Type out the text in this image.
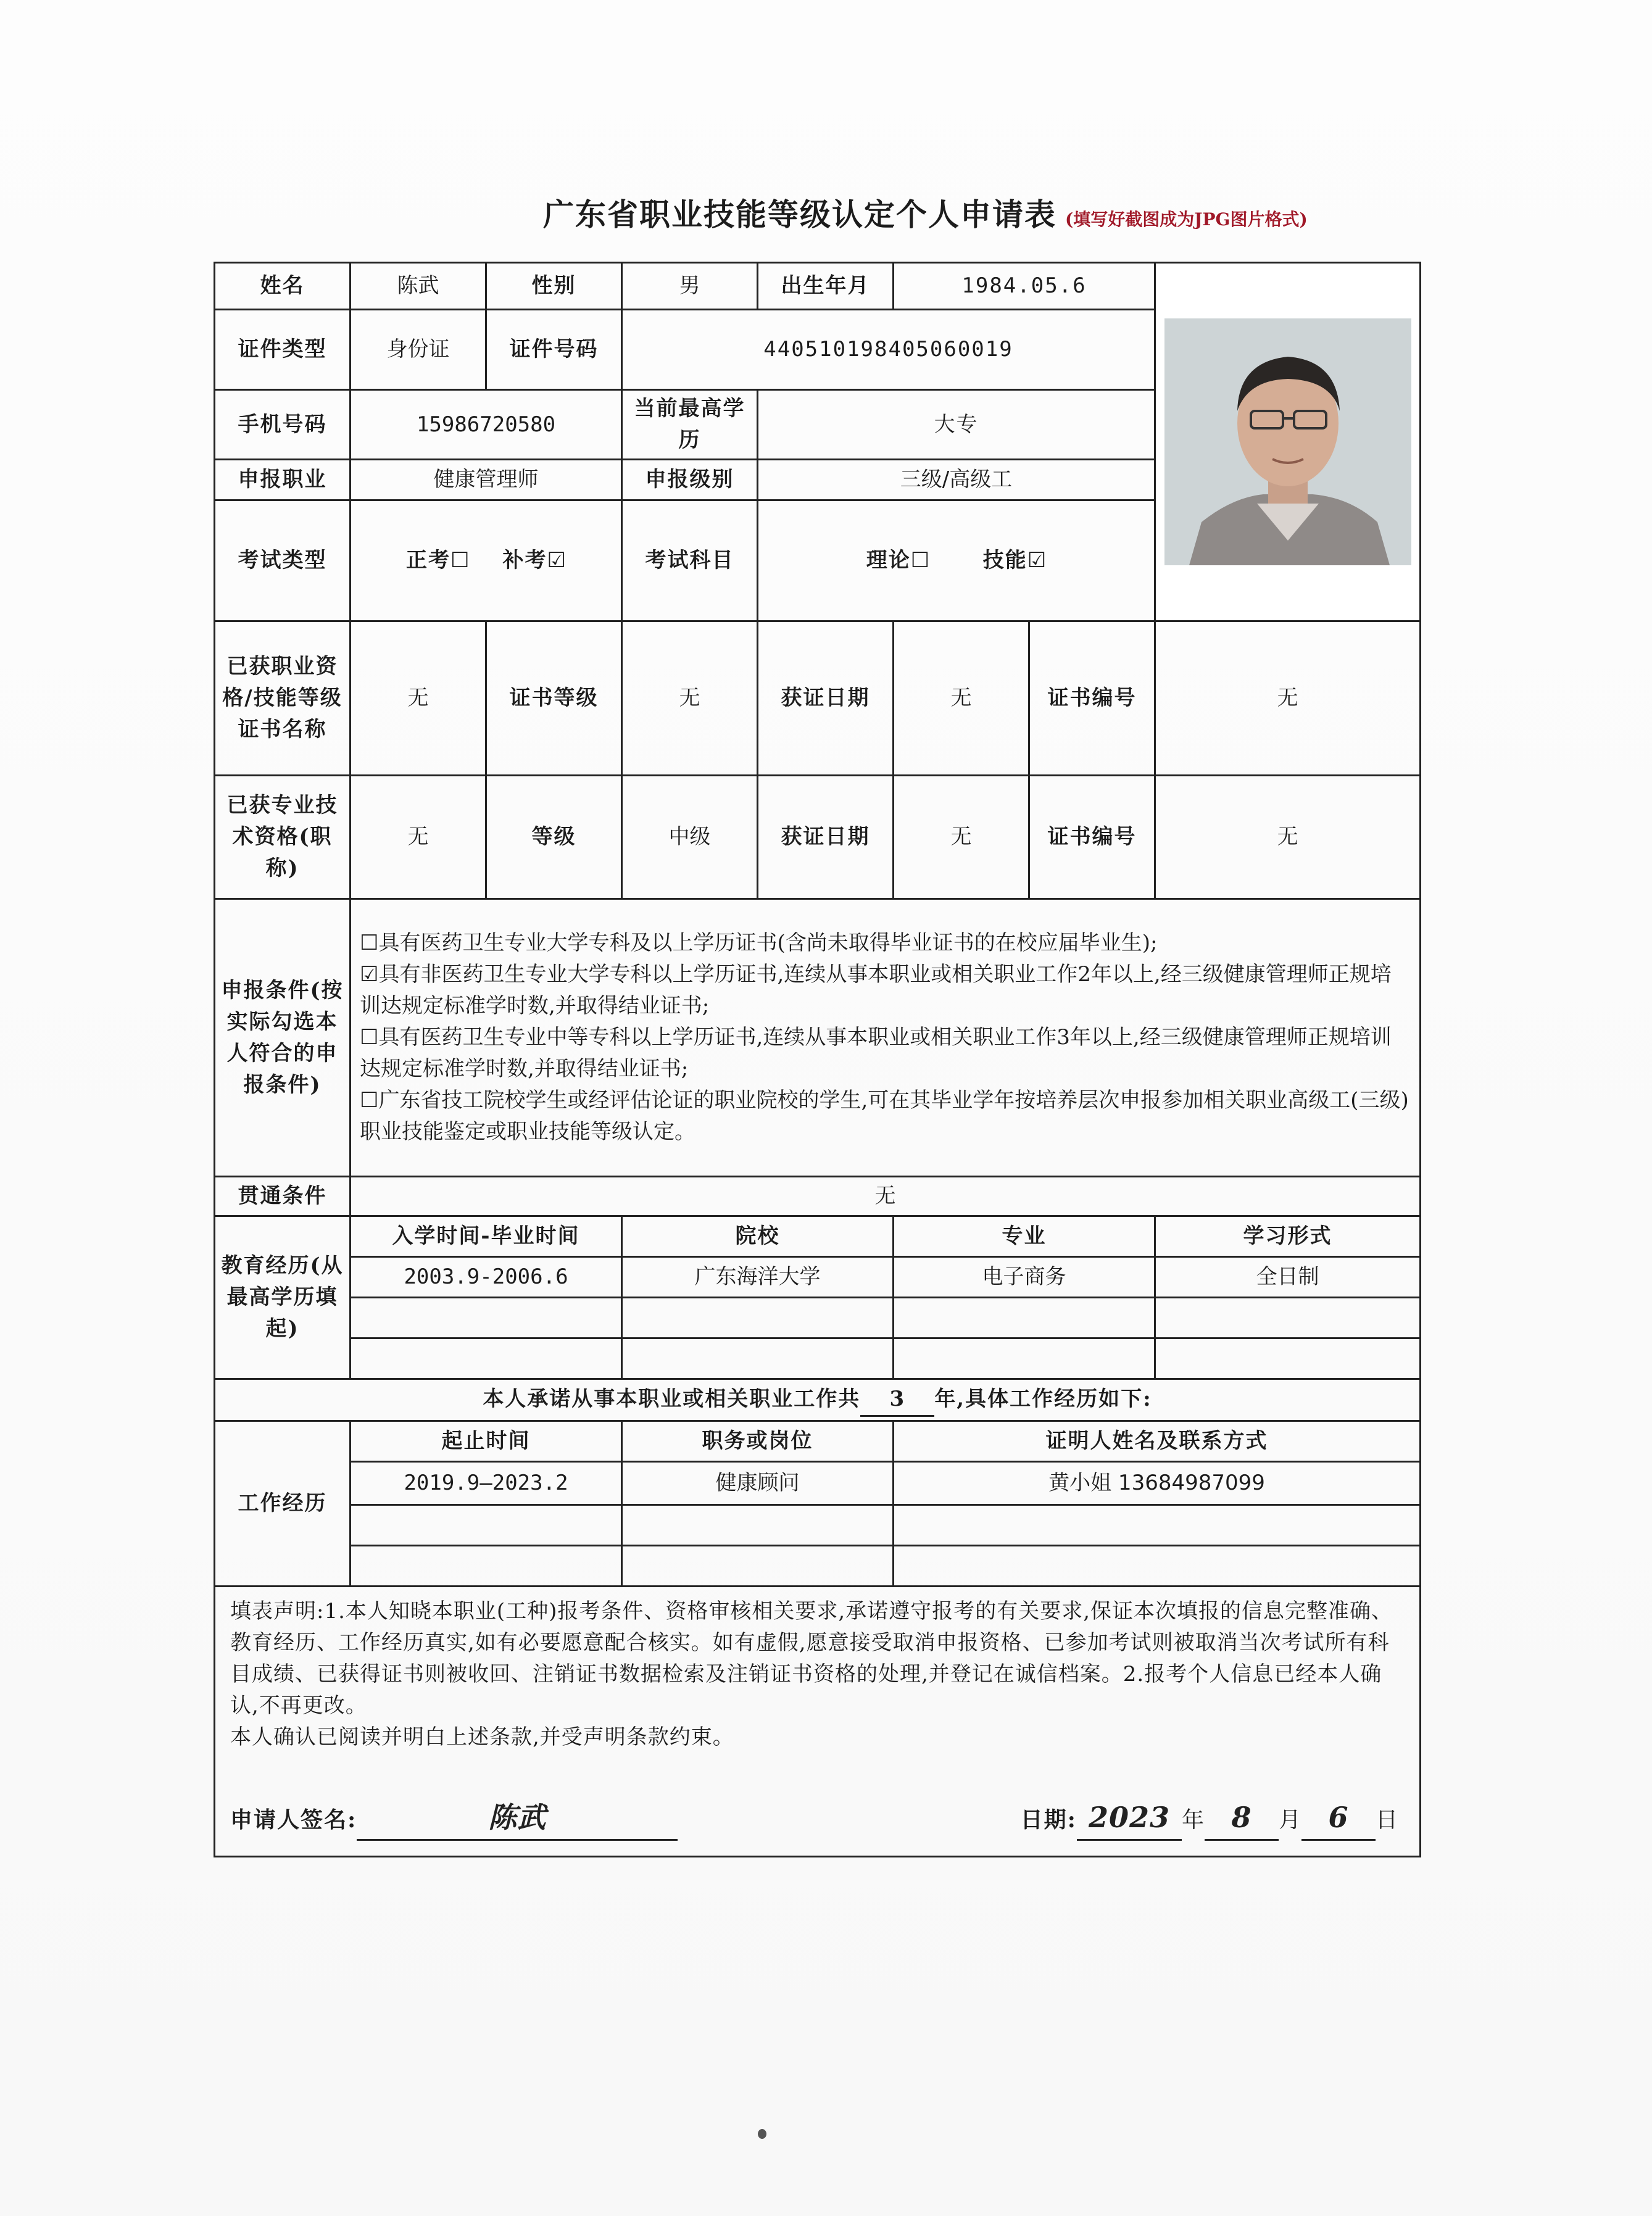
广东省职业技能等级认定个人申请表 (填写好截图成为JPG图片格式)
姓名	陈武	性别	男	出生年月	1984.05.6	

证件类型	身份证	证件号码	440510198405060019				
手机号码	15986720580		当前最高学历	大专			
申报职业	健康管理师		申报级别	三级/高级工			
考试类型	正考☐ 补考☑		考试科目	理论☐ 技能☑			
已获职业资格/技能等级证书名称	无	证书等级	无	获证日期	无	证书编号	无
已获专业技术资格(职称)	无	等级	中级	获证日期	无	证书编号	无
申报条件(按实际勾选本人符合的申报条件)	☐具有医药卫生专业大学专科及以上学历证书(含尚未取得毕业证书的在校应届毕业生);
☑具有非医药卫生专业大学专科以上学历证书,连续从事本职业或相关职业工作2年以上,经三级健康管理师正规培训达规定标准学时数,并取得结业证书;
☐具有医药卫生专业中等专科以上学历证书,连续从事本职业或相关职业工作3年以上,经三级健康管理师正规培训达规定标准学时数,并取得结业证书;
☐广东省技工院校学生或经评估论证的职业院校的学生,可在其毕业学年按培养层次申报参加相关职业高级工(三级)职业技能鉴定或职业技能等级认定。						

贯通条件	无						
教育经历(从最高学历填起)	入学时间-毕业时间		院校		专业		学习形式
	2003.9-2006.6		广东海洋大学		电子商务		全日制

本人承诺从事本职业或相关职业工作共 3 年,具体工作经历如下:							
工作经历	起止时间		职务或岗位		证明人姓名及联系方式		
	2019.9—2023.2		健康顾问		黄小姐 13684987099		

填表声明:1.本人知晓本职业(工种)报考条件、资格审核相关要求,承诺遵守报考的有关要求,保证本次填报的信息完整准确、教育经历、工作经历真实,如有必要愿意配合核实。如有虚假,愿意接受取消申报资格、已参加考试则被取消当次考试所有科目成绩、已获得证书则被收回、注销证书数据检索及注销证书资格的处理,并登记在诚信档案。2.报考个人信息已经本人确认,不再更改。
本人确认已阅读并明白上述条款,并受声明条款约束。
申请人签名: 陈武 日期: 2023 年 8 月 6 日							
